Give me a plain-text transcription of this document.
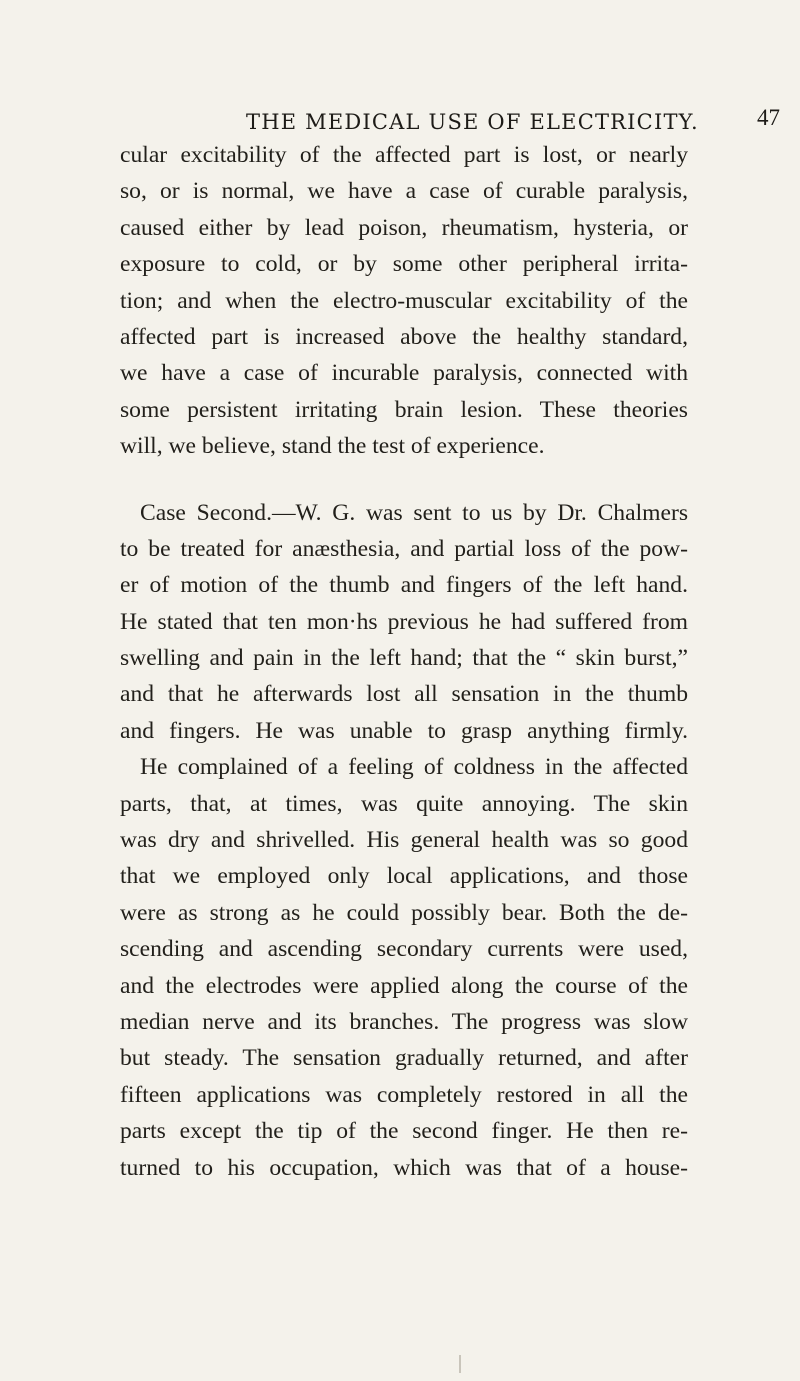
THE MEDICAL USE OF ELECTRICITY.	47
cular excitability of the affected part is lost, or nearly
so, or is normal, we have a case of curable paralysis,
caused either by lead poison, rheumatism, hysteria, or
exposure to cold, or by some other peripheral irrita-
tion; and when the electro-muscular excitability of the
affected part is increased above the healthy standard,
we have a case of incurable paralysis, connected with
some persistent irritating brain lesion. These theories
will, we believe, stand the test of experience.
Case Second.—W. G. was sent to us by Dr. Chalmers
to be treated for anæsthesia, and partial loss of the pow-
er of motion of the thumb and fingers of the left hand.
He stated that ten mon·hs previous he had suffered from
swelling and pain in the left hand; that the “ skin burst,”
and that he afterwards lost all sensation in the thumb
and fingers. He was unable to grasp anything firmly.
He complained of a feeling of coldness in the affected
parts, that, at times, was quite annoying. The skin
was dry and shrivelled. His general health was so good
that we employed only local applications, and those
were as strong as he could possibly bear. Both the de-
scending and ascending secondary currents were used,
and the electrodes were applied along the course of the
median nerve and its branches. The progress was slow
but steady. The sensation gradually returned, and after
fifteen applications was completely restored in all the
parts except the tip of the second finger. He then re-
turned to his occupation, which was that of a house-
